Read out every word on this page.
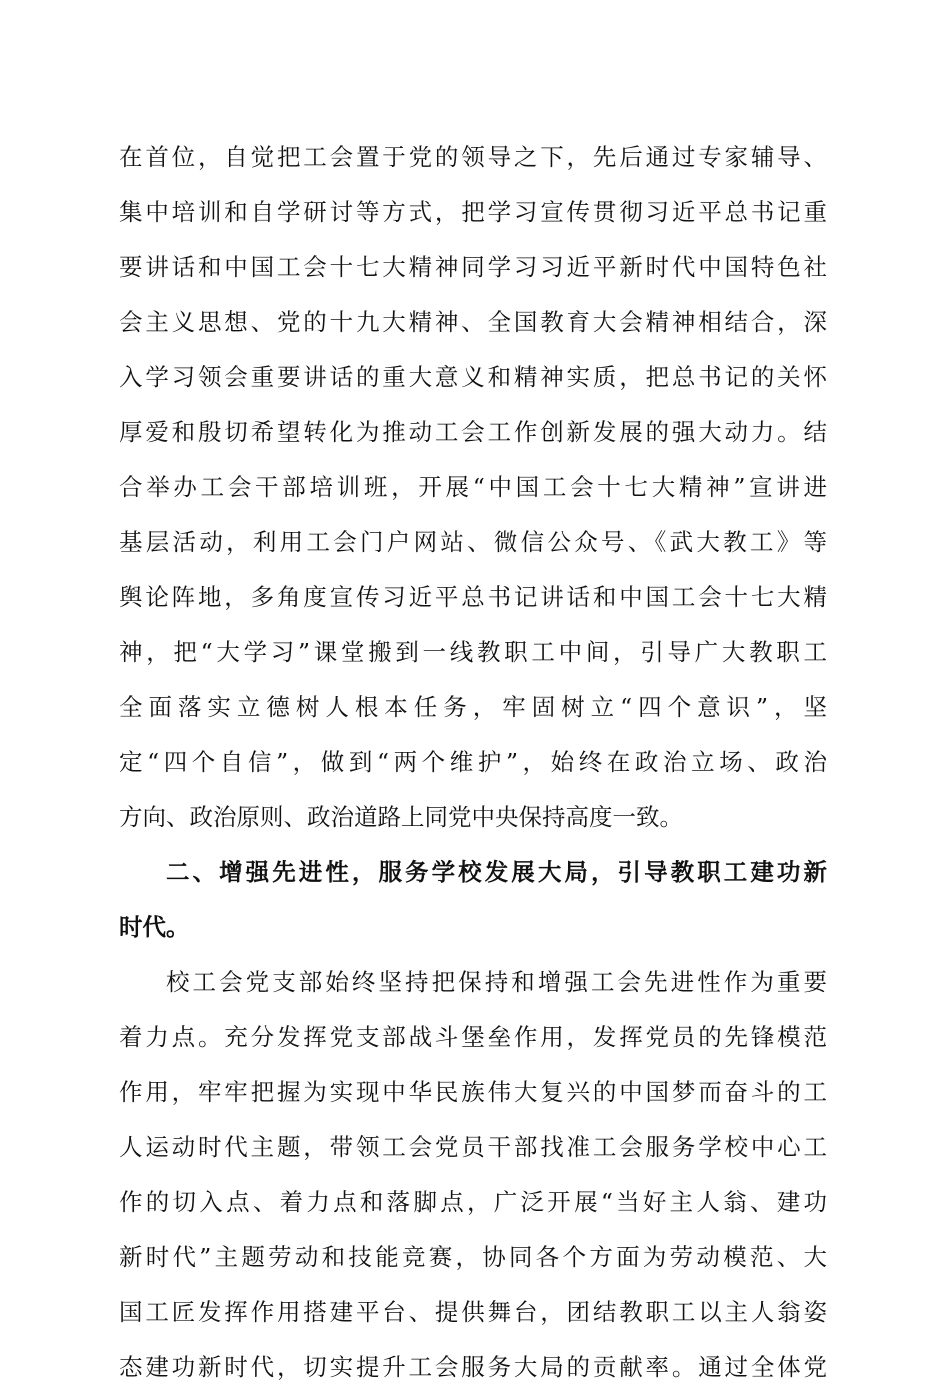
在首位，自觉把工会置于党的领导之下，先后通过专家辅导、
集中培训和自学研讨等方式，把学习宣传贯彻习近平总书记重
要讲话和中国工会十七大精神同学习习近平新时代中国特色社
会主义思想、党的十九大精神、全国教育大会精神相结合，深
入学习领会重要讲话的重大意义和精神实质，把总书记的关怀
厚爱和殷切希望转化为推动工会工作创新发展的强大动力。结
合举办工会干部培训班，开展“中国工会十七大精神”宣讲进
基层活动，利用工会门户网站、微信公众号、《武大教工》等
舆论阵地，多角度宣传习近平总书记讲话和中国工会十七大精
神，把“大学习”课堂搬到一线教职工中间，引导广大教职工
全面落实立德树人根本任务，牢固树立“四个意识”，坚
定“四个自信”，做到“两个维护”，始终在政治立场、政治
方向、政治原则、政治道路上同党中央保持高度一致。
二、增强先进性，服务学校发展大局，引导教职工建功新
时代。
校工会党支部始终坚持把保持和增强工会先进性作为重要
着力点。充分发挥党支部战斗堡垒作用，发挥党员的先锋模范
作用，牢牢把握为实现中华民族伟大复兴的中国梦而奋斗的工
人运动时代主题，带领工会党员干部找准工会服务学校中心工
作的切入点、着力点和落脚点，广泛开展“当好主人翁、建功
新时代”主题劳动和技能竞赛，协同各个方面为劳动模范、大
国工匠发挥作用搭建平台、提供舞台，团结教职工以主人翁姿
态建功新时代，切实提升工会服务大局的贡献率。通过全体党
